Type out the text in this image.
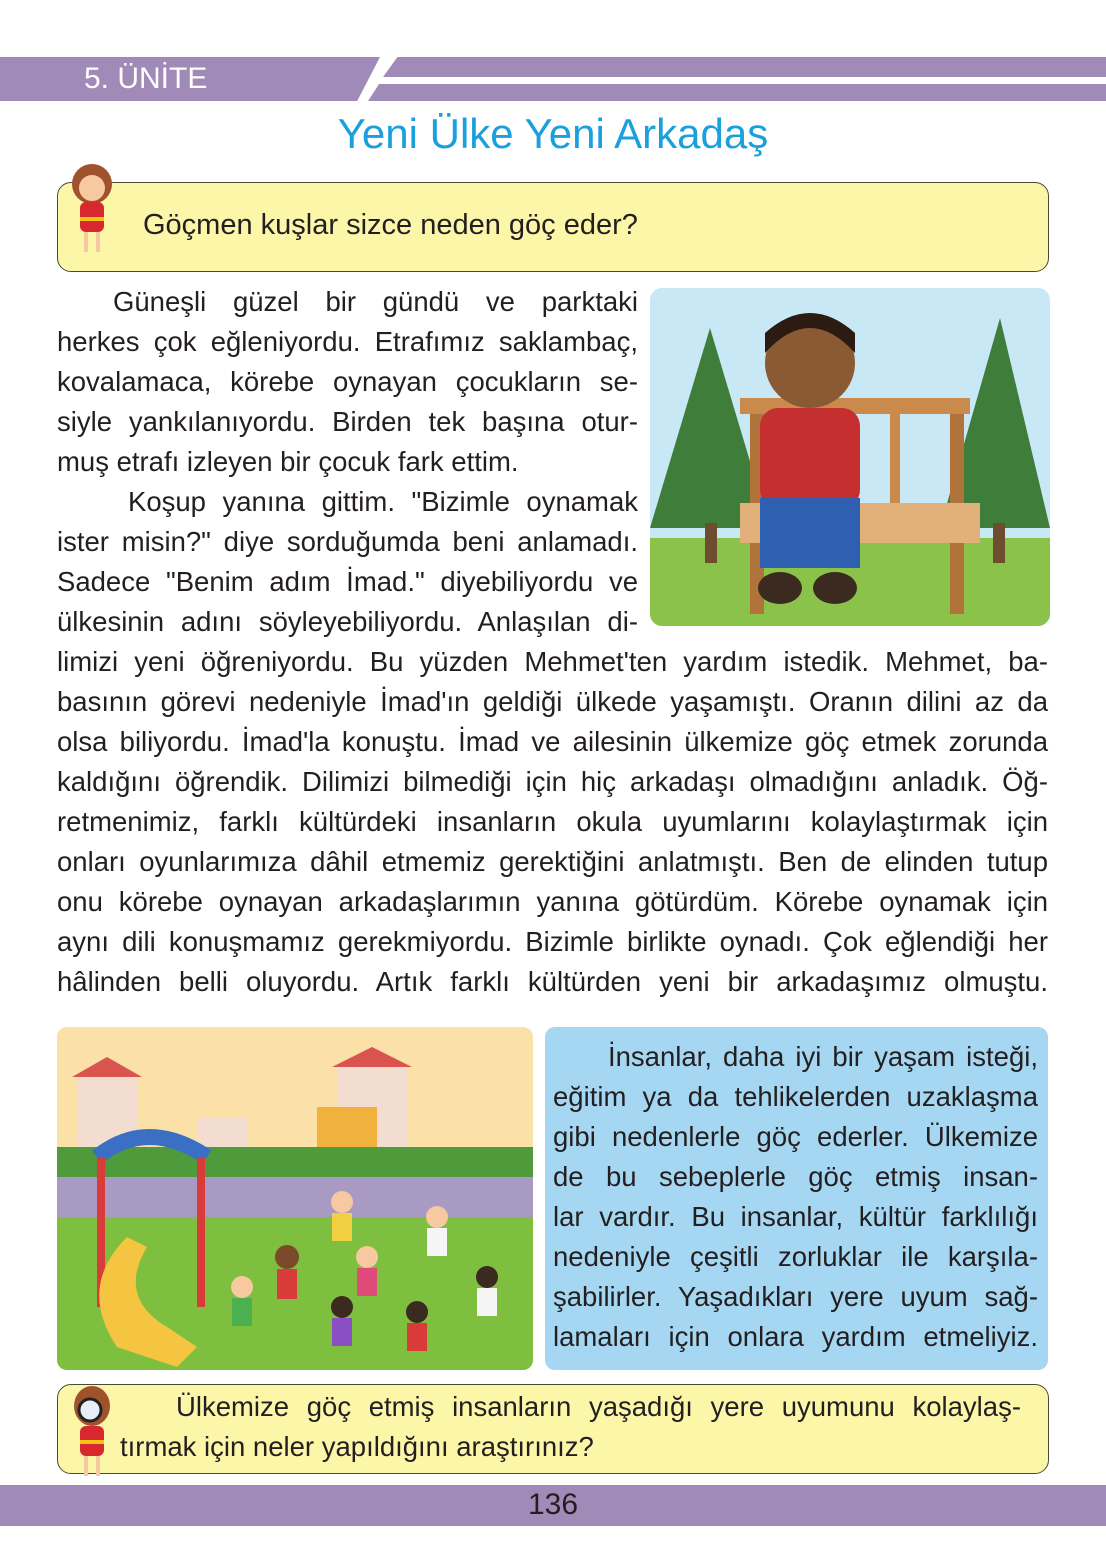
5. ÜNİTE
Yeni Ülke Yeni Arkadaş
Göçmen kuşlar sizce neden göç eder?
Güneşli güzel bir gündü ve parktaki
herkes çok eğleniyordu. Etrafımız saklambaç,
kovalamaca, körebe oynayan çocukların se-
siyle yankılanıyordu. Birden tek başına otur-
muş etrafı izleyen bir çocuk fark ettim.
Koşup yanına gittim. "Bizimle oynamak
ister misin?" diye sorduğumda beni anlamadı.
Sadece "Benim adım İmad." diyebiliyordu ve
ülkesinin adını söyleyebiliyordu. Anlaşılan di-
limizi yeni öğreniyordu. Bu yüzden Mehmet'ten yardım istedik. Mehmet, ba-
basının görevi nedeniyle İmad'ın geldiği ülkede yaşamıştı. Oranın dilini az da
olsa biliyordu. İmad'la konuştu. İmad ve ailesinin ülkemize göç etmek zorunda
kaldığını öğrendik. Dilimizi bilmediği için hiç arkadaşı olmadığını anladık. Öğ-
retmenimiz, farklı kültürdeki insanların okula uyumlarını kolaylaştırmak için
onları oyunlarımıza dâhil etmemiz gerektiğini anlatmıştı. Ben de elinden tutup
onu körebe oynayan arkadaşlarımın yanına götürdüm. Körebe oynamak için
aynı dili konuşmamız gerekmiyordu. Bizimle birlikte oynadı. Çok eğlendiği her
hâlinden belli oluyordu. Artık farklı kültürden yeni bir arkadaşımız olmuştu.
İnsanlar, daha iyi bir yaşam isteği,
eğitim ya da tehlikelerden uzaklaşma
gibi nedenlerle göç ederler. Ülkemize
de bu sebeplerle göç etmiş insan-
lar vardır. Bu insanlar, kültür farklılığı
nedeniyle çeşitli zorluklar ile karşıla-
şabilirler. Yaşadıkları yere uyum sağ-
lamaları için onlara yardım etmeliyiz.
Ülkemize göç etmiş insanların yaşadığı yere uyumunu kolaylaş-
tırmak için neler yapıldığını araştırınız?
136
